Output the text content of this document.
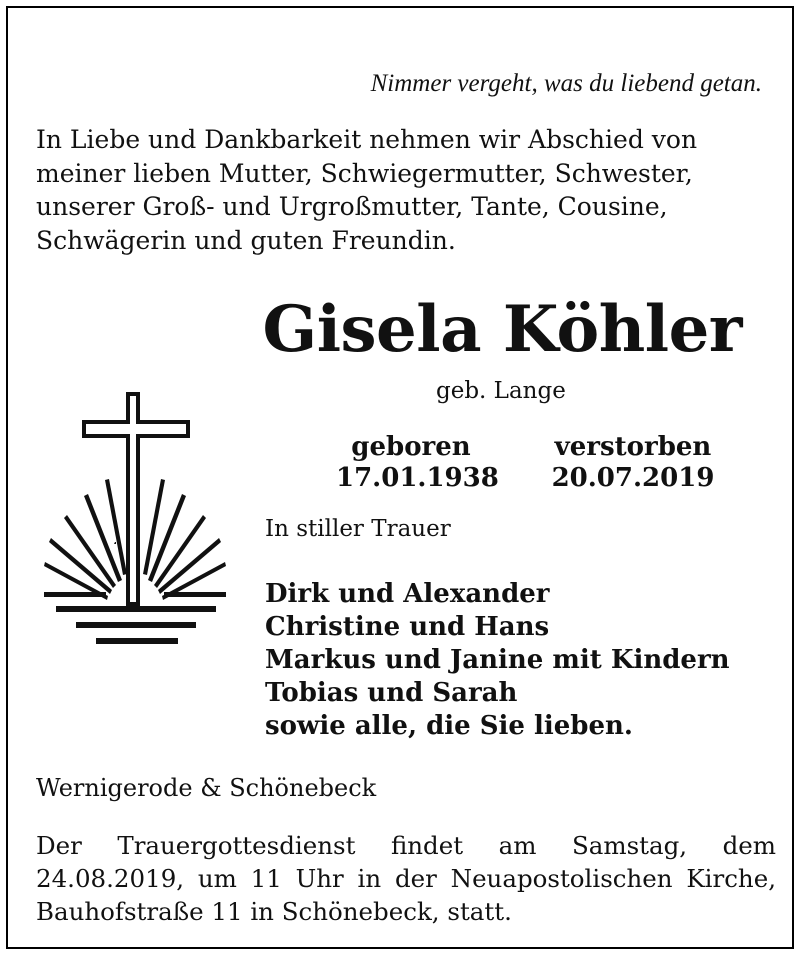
Nimmer vergeht, was du liebend getan.

In Liebe und Dankbarkeit nehmen wir Abschied von meiner lieben Mutter, Schwiegermutter, Schwester, unserer Groß- und Urgroßmutter, Tante, Cousine, Schwägerin und guten Freundin.

Gisela Köhler
geb. Lange
geboren
17.01.1938
verstorben
20.07.2019
In stiller Trauer
Dirk und Alexander
Christine und Hans
Markus und Janine mit Kindern
Tobias und Sarah
sowie alle, die Sie lieben.
Wernigerode & Schönebeck

Der Trauergottesdienst findet am Samstag, dem 24.08.2019, um 11 Uhr in der Neuapostolischen Kirche, Bauhofstraße 11 in Schönebeck, statt.
